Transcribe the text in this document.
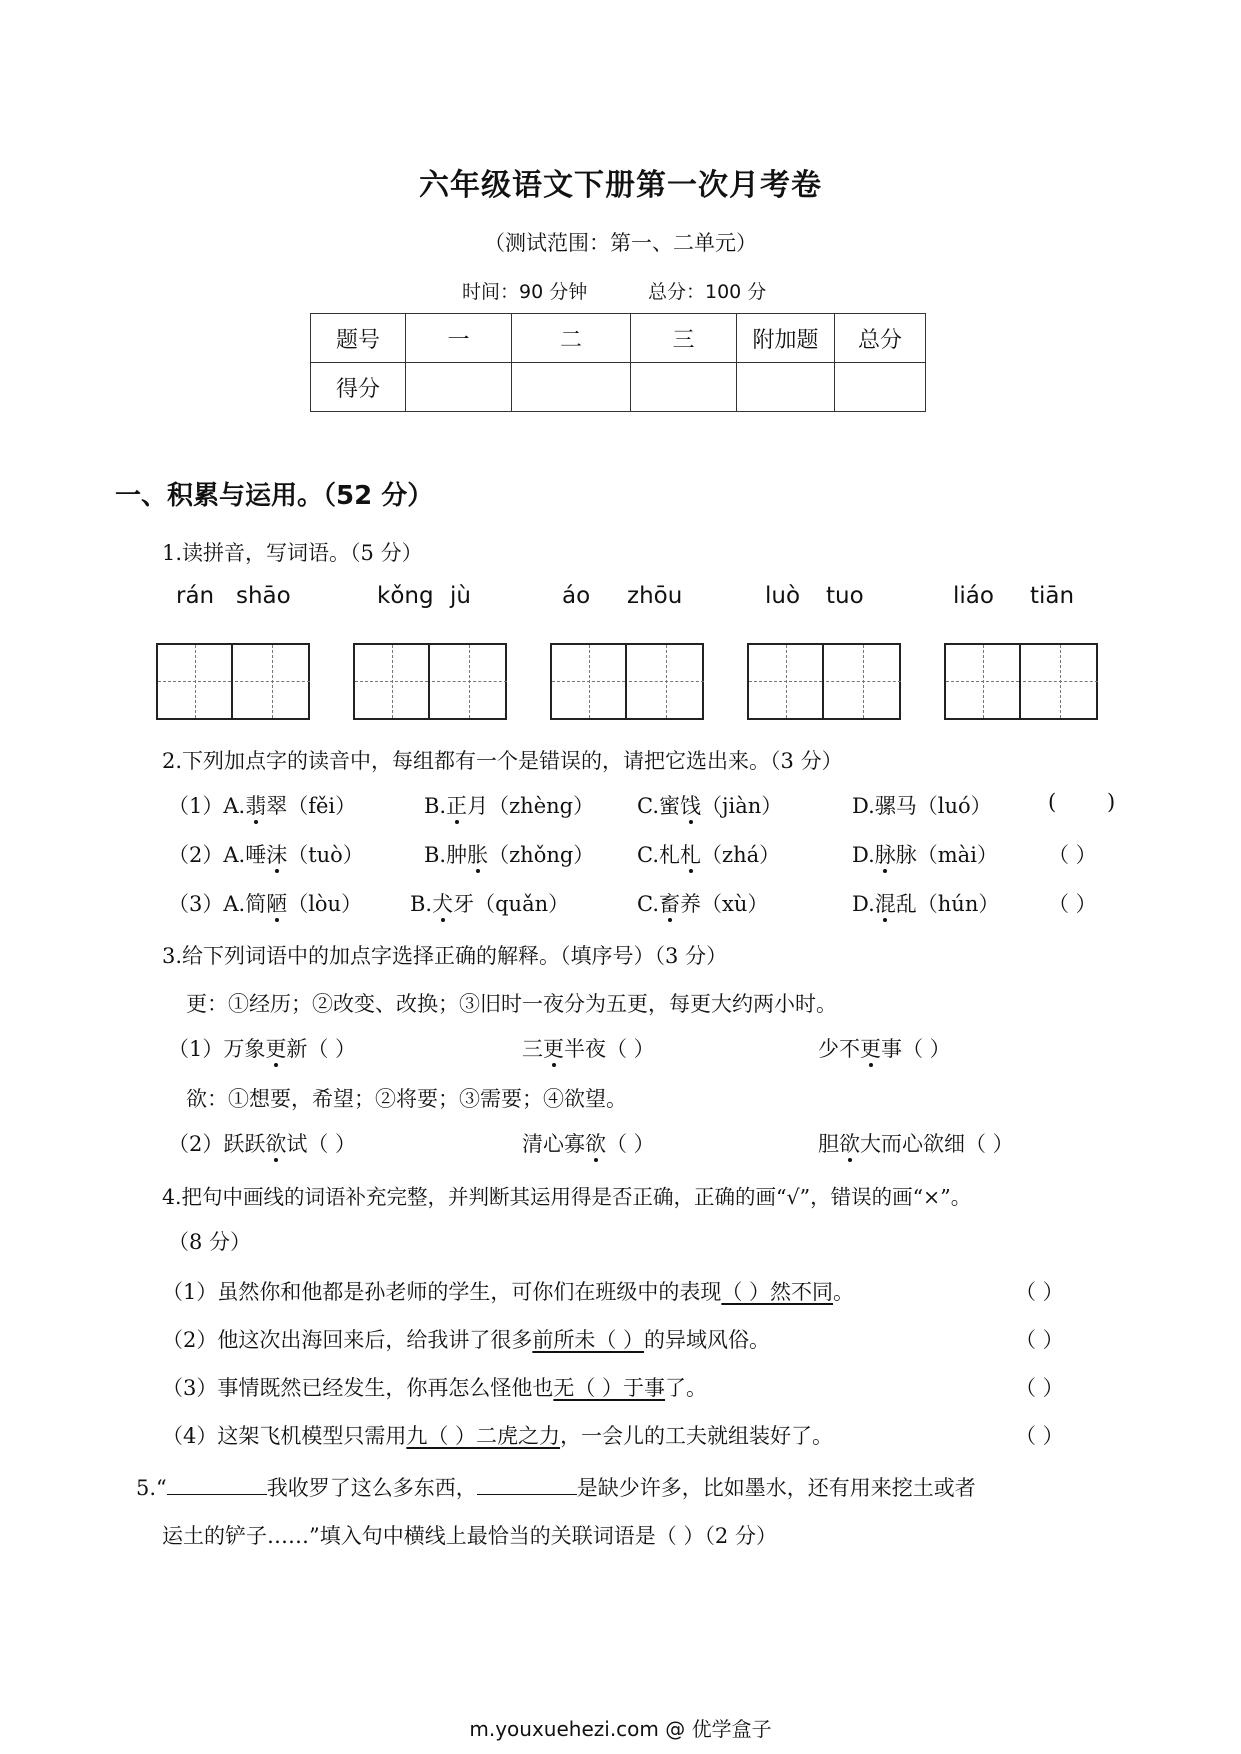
六年级语文下册第一次月考卷
（测试范围：第一、二单元）
时间：90 分钟	总分：100 分
题号	一	二	三	附加题	总分
得分					
一、积累与运用。（52 分）
1.读拼音，写词语。（5 分）
rán shāo	kǒng jù	áo zhōu	luò tuo	liáo tiān
2.下列加点字的读音中，每组都有一个是错误的，请把它选出来。（3 分）
（1）A.翡翠（fěi）	B.正月（zhèng） C.蜜饯（jiàn）	D.骡马（luó）	( )
（2）A.唾沫（tuò）	B.肿胀（zhǒng） C.札札（zhá）	D.脉脉（mài） （ ）
（3）A.简陋（lòu） B.犬牙（quǎn）	C.畜养（xù）	D.混乱（hún） （ ）
3.给下列词语中的加点字选择正确的解释。（填序号）（3 分）
更：①经历；②改变、改换；③旧时一夜分为五更，每更大约两小时。
（1）万象更新（ ）	三更半夜（ ）	少不更事（ ）
欲：①想要，希望；②将要；③需要；④欲望。
（2）跃跃欲试（ ）	清心寡欲（ ）	胆欲大而心欲细（ ）
4.把句中画线的词语补充完整，并判断其运用得是否正确，正确的画“√”，错误的画“×”。
（8 分）
（1）虽然你和他都是孙老师的学生，可你们在班级中的表现（ ）然不同。	（ ）
（2）他这次出海回来后，给我讲了很多前所未（ ）的异域风俗。	（ ）
（3）事情既然已经发生，你再怎么怪他也无（ ）于事了。	（ ）
（4）这架飞机模型只需用九（ ）二虎之力，一会儿的工夫就组装好了。	（ ）
5.“	我收罗了这么多东西，	是缺少许多，比如墨水，还有用来挖土或者
运土的铲子……”填入句中横线上最恰当的关联词语是（ ）（2 分）
m.youxuehezi.com @ 优学盒子
